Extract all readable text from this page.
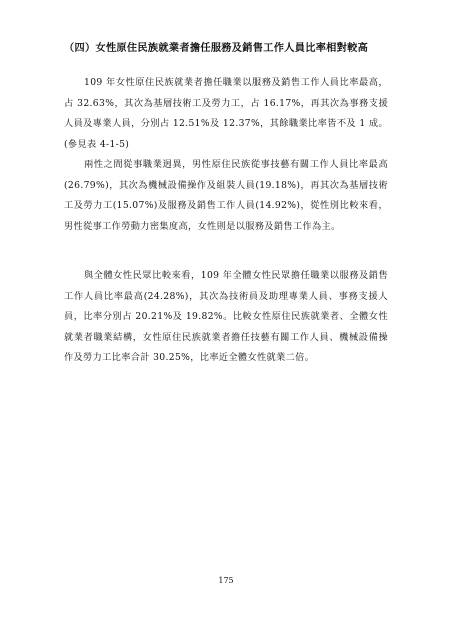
（四）女性原住民族就業者擔任服務及銷售工作人員比率相對較高

109 年女性原住民族就業者擔任職業以服務及銷售工作人員比率最高，占 32.63%，其次為基層技術工及勞力工，占 16.17%，再其次為事務支援人員及專業人員，分別占 12.51%及 12.37%，其餘職業比率皆不及 1 成。(參見表 4-1-5)

兩性之間從事職業迥異，男性原住民族從事技藝有關工作人員比率最高(26.79%)，其次為機械設備操作及組裝人員(19.18%)，再其次為基層技術工及勞力工(15.07%)及服務及銷售工作人員(14.92%)，從性別比較來看，男性從事工作勞動力密集度高，女性則是以服務及銷售工作為主。

與全體女性民眾比較來看，109 年全體女性民眾擔任職業以服務及銷售工作人員比率最高(24.28%)，其次為技術員及助理專業人員、事務支援人員，比率分別占 20.21%及 19.82%。比較女性原住民族就業者、全體女性就業者職業結構，女性原住民族就業者擔任技藝有關工作人員、機械設備操作及勞力工比率合計 30.25%，比率近全體女性就業二倍。

175
